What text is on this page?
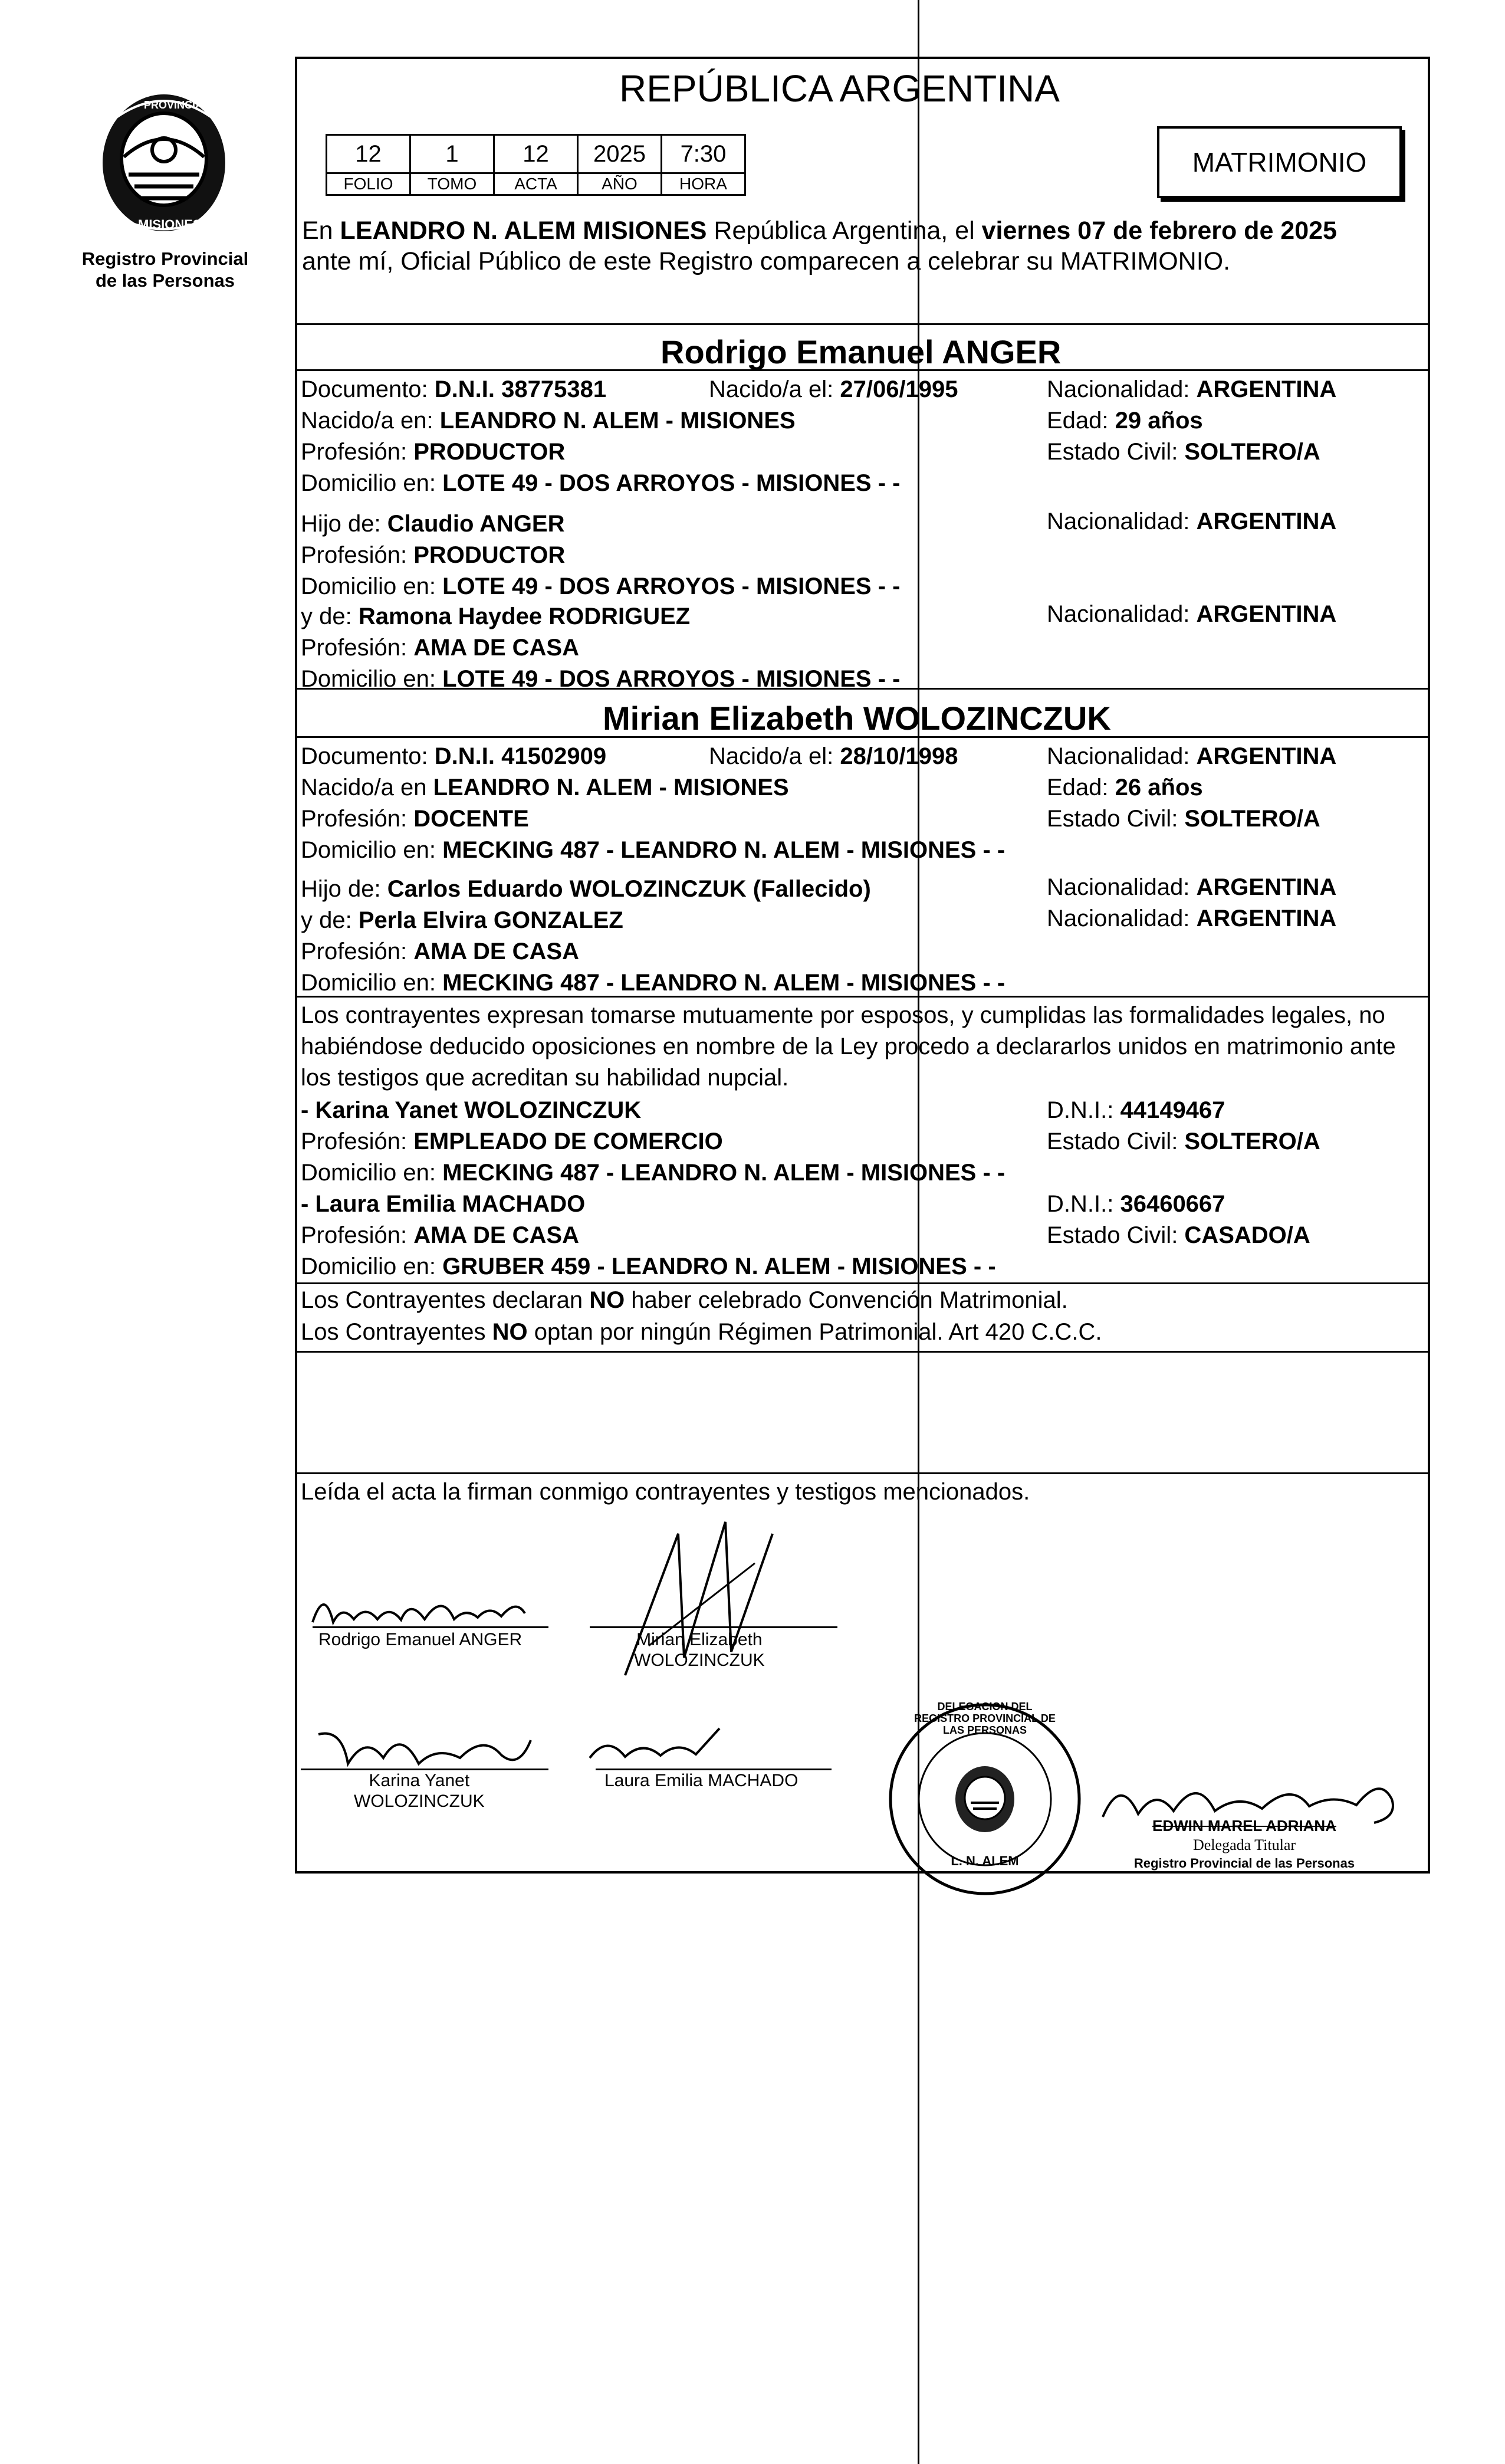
PROVINCIA DE
MISIONES
Registro Provincial
de las Personas
REPÚBLICA ARGENTINA
12	1	12	2025	7:30
FOLIO	TOMO	ACTA	AÑO	HORA
MATRIMONIO
En LEANDRO N. ALEM MISIONES República Argentina, el viernes 07 de febrero de 2025
ante mí, Oficial Público de este Registro comparecen a celebrar su MATRIMONIO.
Rodrigo Emanuel ANGER
Documento: D.N.I. 38775381	Nacido/a el: 27/06/1995	Nacionalidad: ARGENTINA
Nacido/a en: LEANDRO N. ALEM - MISIONES	Edad: 29 años
Profesión: PRODUCTOR	Estado Civil: SOLTERO/A
Domicilio en: LOTE 49 - DOS ARROYOS - MISIONES - -
Hijo de: Claudio ANGER	Nacionalidad: ARGENTINA
Profesión: PRODUCTOR
Domicilio en: LOTE 49 - DOS ARROYOS - MISIONES - -
y de: Ramona Haydee RODRIGUEZ	Nacionalidad: ARGENTINA
Profesión: AMA DE CASA
Domicilio en: LOTE 49 - DOS ARROYOS - MISIONES - -
Mirian Elizabeth WOLOZINCZUK
Documento: D.N.I. 41502909	Nacido/a el: 28/10/1998	Nacionalidad: ARGENTINA
Nacido/a en LEANDRO N. ALEM - MISIONES	Edad: 26 años
Profesión: DOCENTE	Estado Civil: SOLTERO/A
Domicilio en: MECKING 487 - LEANDRO N. ALEM - MISIONES - -
Hijo de: Carlos Eduardo WOLOZINCZUK (Fallecido)	Nacionalidad: ARGENTINA
y de: Perla Elvira GONZALEZ	Nacionalidad: ARGENTINA
Profesión: AMA DE CASA
Domicilio en: MECKING 487 - LEANDRO N. ALEM - MISIONES - -
Los contrayentes expresan tomarse mutuamente por esposos, y cumplidas las formalidades legales, no
habiéndose deducido oposiciones en nombre de la Ley procedo a declararlos unidos en matrimonio ante
los testigos que acreditan su habilidad nupcial.
- Karina Yanet WOLOZINCZUK	D.N.I.: 44149467
Profesión: EMPLEADO DE COMERCIO	Estado Civil: SOLTERO/A
Domicilio en: MECKING 487 - LEANDRO N. ALEM - MISIONES - -
- Laura Emilia MACHADO	D.N.I.: 36460667
Profesión: AMA DE CASA	Estado Civil: CASADO/A
Domicilio en: GRUBER 459 - LEANDRO N. ALEM - MISIONES - -
Los Contrayentes declaran NO haber celebrado Convención Matrimonial.
Los Contrayentes NO optan por ningún Régimen Patrimonial. Art 420 C.C.C.
Leída el acta la firman conmigo contrayentes y testigos mencionados.
Rodrigo Emanuel ANGER	Mirian Elizabeth
WOLOZINCZUK
Karina Yanet
WOLOZINCZUK
Laura Emilia MACHADO
DELEGACION DEL REGISTRO PROVINCIAL DE LAS PERSONAS
L. N. ALEM
EDWIN MAREL ADRIANA
Delegada Titular
Registro Provincial de las Personas
